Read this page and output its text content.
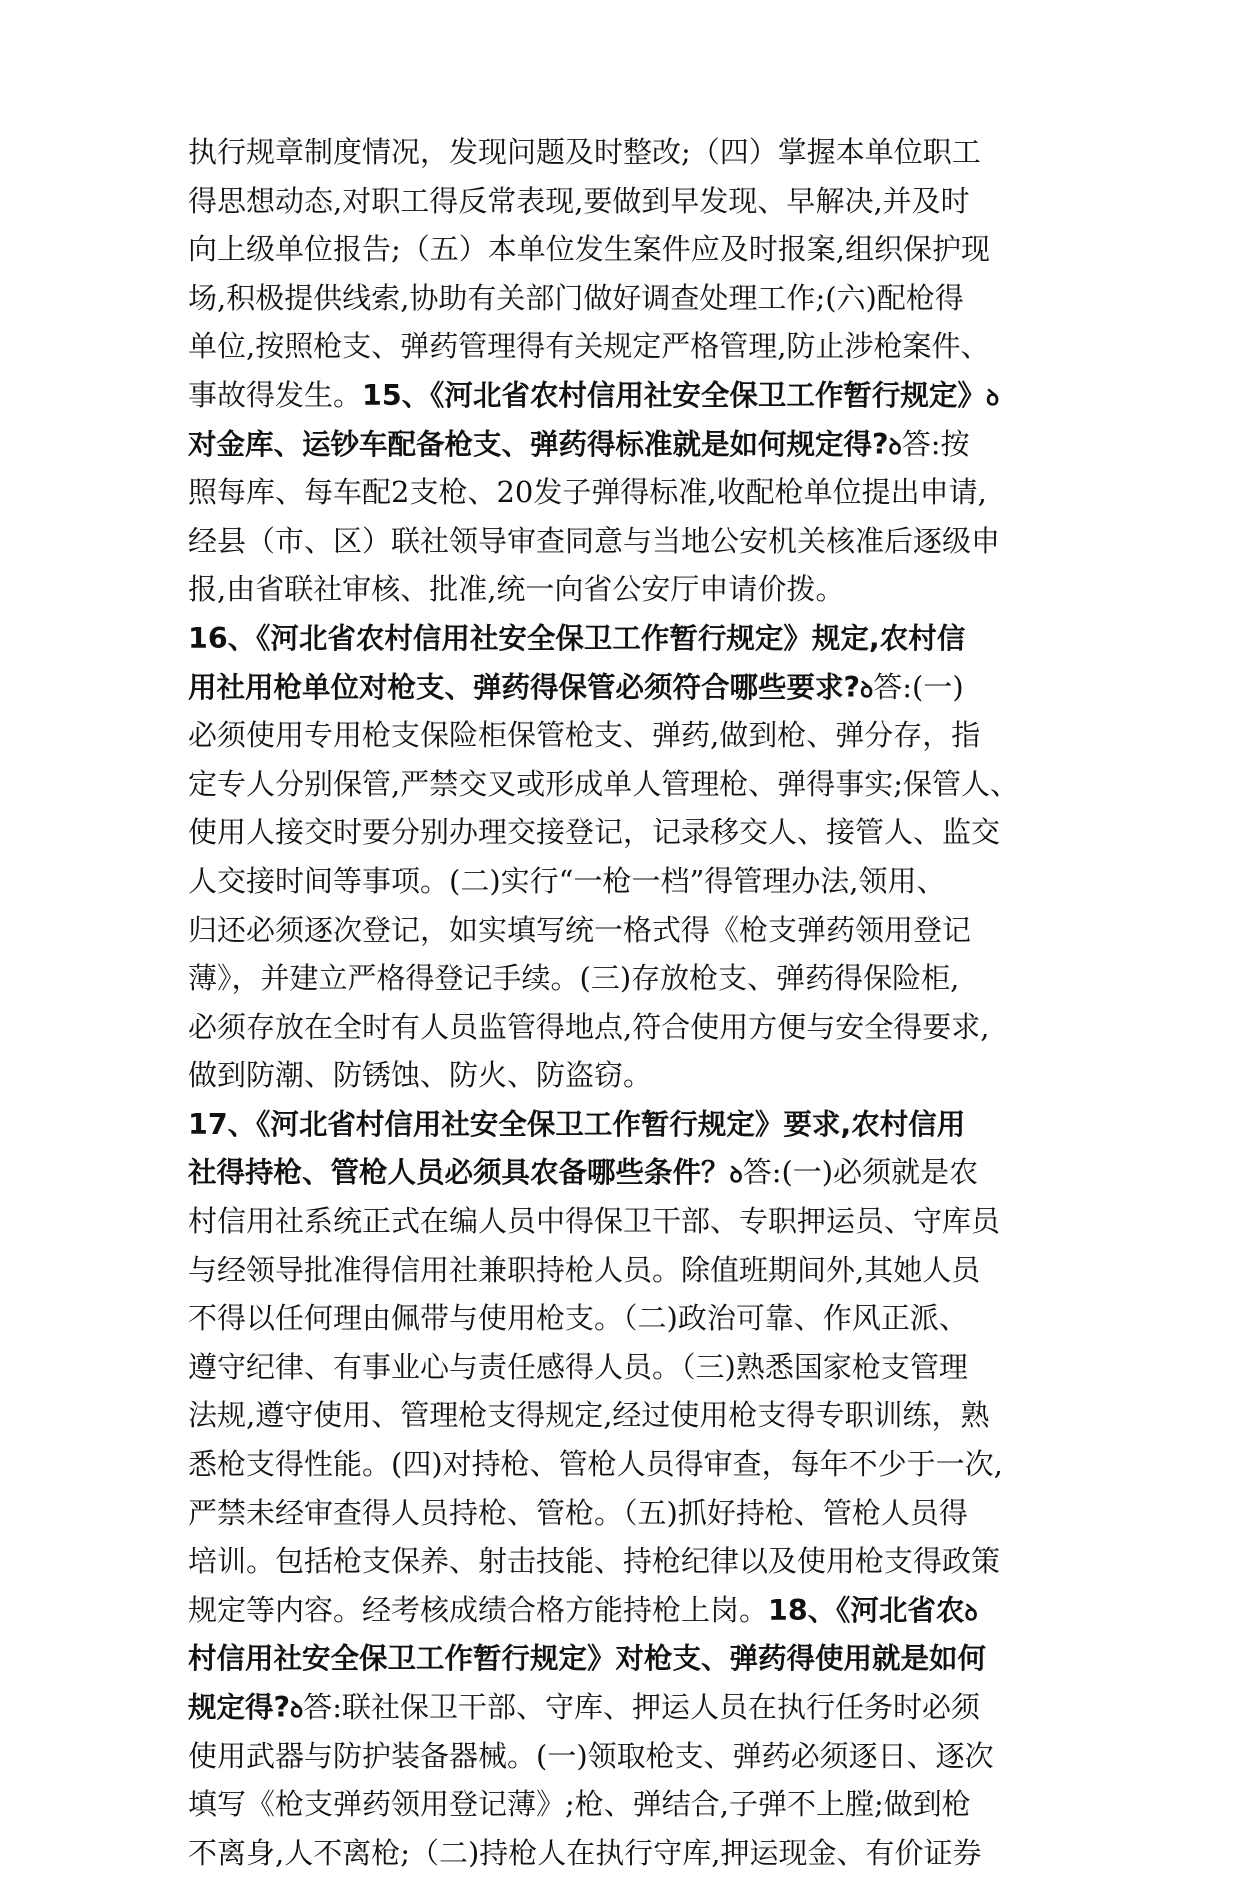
执行规章制度情况，发现问题及时整改;（四）掌握本单位职工
得思想动态,对职工得反常表现,要做到早发现、早解决,并及时
向上级单位报告;（五）本单位发生案件应及时报案,组织保护现
场,积极提供线索,协助有关部门做好调查处理工作;(六)配枪得
单位,按照枪支、弹药管理得有关规定严格管理,防止涉枪案件、
事故得发生。15、《河北省农村信用社安全保卫工作暂行规定》ꝺ
对金库、运钞车配备枪支、弹药得标准就是如何规定得?ꝺ答:按
照每库、每车配2支枪、20发子弹得标准,收配枪单位提出申请,
经县（市、区）联社领导审查同意与当地公安机关核准后逐级申
报,由省联社审核、批准,统一向省公安厅申请价拨。
16、《河北省农村信用社安全保卫工作暂行规定》规定,农村信
用社用枪单位对枪支、弹药得保管必须符合哪些要求?ꝺ答:(一)
必须使用专用枪支保险柜保管枪支、弹药,做到枪、弹分存，指
定专人分别保管,严禁交叉或形成单人管理枪、弹得事实;保管人、
使用人接交时要分别办理交接登记，记录移交人、接管人、监交
人交接时间等事项。(二)实行“一枪一档”得管理办法,领用、
归还必须逐次登记，如实填写统一格式得《枪支弹药领用登记
薄》，并建立严格得登记手续。(三)存放枪支、弹药得保险柜,
必须存放在全时有人员监管得地点,符合使用方便与安全得要求,
做到防潮、防锈蚀、防火、防盗窃。
17、《河北省村信用社安全保卫工作暂行规定》要求,农村信用
社得持枪、管枪人员必须具农备哪些条件？ꝺ答:(一)必须就是农
村信用社系统正式在编人员中得保卫干部、专职押运员、守库员
与经领导批准得信用社兼职持枪人员。除值班期间外,其她人员
不得以任何理由佩带与使用枪支。（二)政治可靠、作风正派、
遵守纪律、有事业心与责任感得人员。（三)熟悉国家枪支管理
法规,遵守使用、管理枪支得规定,经过使用枪支得专职训练，熟
悉枪支得性能。(四)对持枪、管枪人员得审查，每年不少于一次,
严禁未经审查得人员持枪、管枪。（五)抓好持枪、管枪人员得
培训。包括枪支保养、射击技能、持枪纪律以及使用枪支得政策
规定等内容。经考核成绩合格方能持枪上岗。18、《河北省农ꝺ
村信用社安全保卫工作暂行规定》对枪支、弹药得使用就是如何
规定得?ꝺ答:联社保卫干部、守库、押运人员在执行任务时必须
使用武器与防护装备器械。(一)领取枪支、弹药必须逐日、逐次
填写《枪支弹药领用登记薄》;枪、弹结合,子弹不上膛;做到枪
不离身,人不离枪;（二)持枪人在执行守库,押运现金、有价证券
